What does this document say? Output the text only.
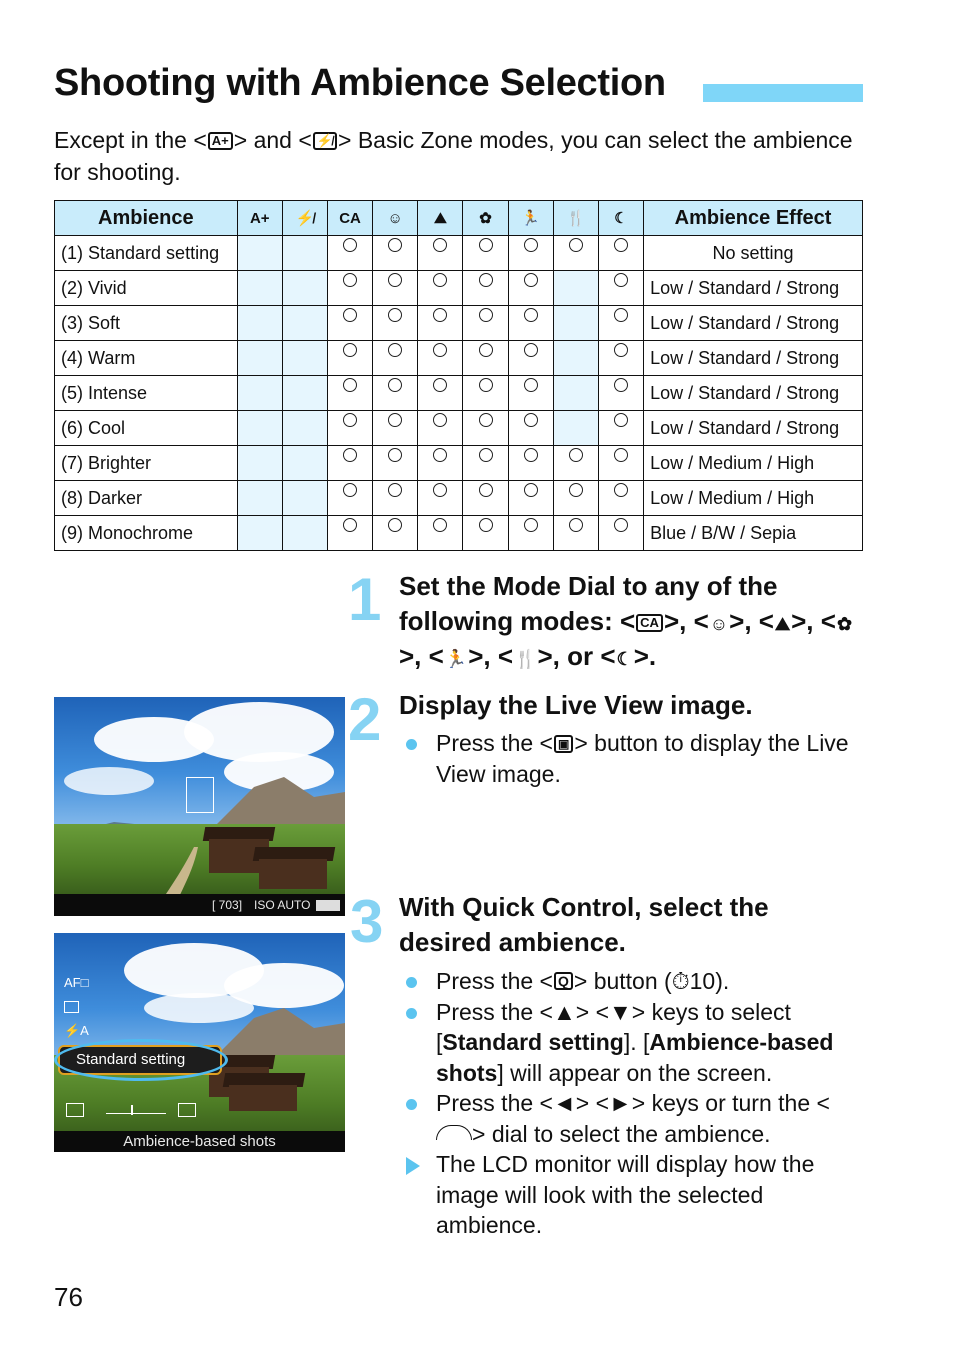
Shooting with Ambience Selection
Except in the < A+ > and < ⚡̸ > Basic Zone modes, you can select the ambience for shooting.
Ambience	A+	⚡̸	CA	☺	⛰	✿	🏃	🍴	☾	Ambience Effect
(1) Standard setting										No setting
(2) Vivid										Low / Standard / Strong
(3) Soft										Low / Standard / Strong
(4) Warm										Low / Standard / Strong
(5) Intense										Low / Standard / Strong
(6) Cool										Low / Standard / Strong
(7) Brighter										Low / Medium / High
(8) Darker										Low / Medium / High
(9) Monochrome										Blue / B/W / Sepia
1 Set the Mode Dial to any of the following modes: < CA >, <☺>, <⛰>, <✿>, <🏃>, <🍴>, or <☾>.
2 Display the Live View image.
Press the < ▣ > button to display the Live View image.
[ 703] ISO AUTO 3 With Quick Control, select the desired ambience.
Press the < Q > button (⏱10).
Press the <▲> <▼> keys to select [Standard setting]. [Ambience-based shots] will appear on the screen.
Press the <◄> <►> keys or turn the <> dial to select the ambience.
The LCD monitor will display how the image will look with the selected ambience.
AF□
⚡A
Standard setting
Ambience-based shots
76
